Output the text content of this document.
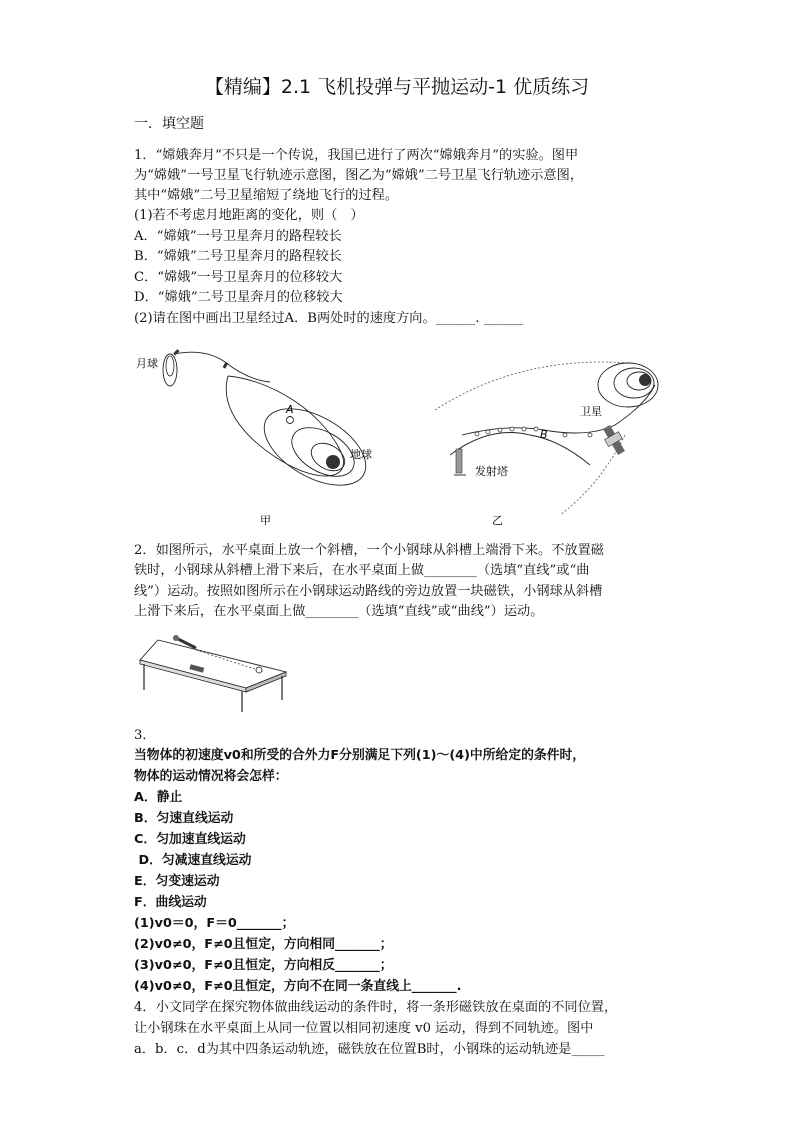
【精编】2.1 飞机投弹与平抛运动-1 优质练习
一．填空题
1．“嫦娥奔月”不只是一个传说，我国已进行了两次“嫦娥奔月”的实验。图甲
为“嫦娥”一号卫星飞行轨迹示意图，图乙为“嫦娥”二号卫星飞行轨迹示意图，
其中“嫦娥”二号卫星缩短了绕地飞行的过程。
(1)若不考虑月地距离的变化，则（　）
A．“嫦娥”一号卫星奔月的路程较长
B．“嫦娥”二号卫星奔月的路程较长
C．“嫦娥”一号卫星奔月的位移较大
D．“嫦娥”二号卫星奔月的位移较大
(2)请在图中画出卫星经过A．B两处时的速度方向。______. ______
月球
A
地球
甲
B
卫星
发射塔
乙
2．如图所示，水平桌面上放一个斜槽，一个小钢球从斜槽上端滑下来。不放置磁
铁时，小钢球从斜槽上滑下来后，在水平桌面上做________（选填“直线”或“曲
线”）运动。按照如图所示在小钢球运动路线的旁边放置一块磁铁，小钢球从斜槽
上滑下来后，在水平桌面上做________（选填“直线”或“曲线”）运动。
3．
当物体的初速度v0和所受的合外力F分别满足下列(1)～(4)中所给定的条件时，
物体的运动情况将会怎样：
A．静止
B．匀速直线运动
C．匀加速直线运动
D．匀减速直线运动
E．匀变速运动
F．曲线运动
(1)v0＝0，F＝0_______；
(2)v0≠0，F≠0且恒定，方向相同_______；
(3)v0≠0，F≠0且恒定，方向相反_______；
(4)v0≠0，F≠0且恒定，方向不在同一条直线上_______.
4．小文同学在探究物体做曲线运动的条件时，将一条形磁铁放在桌面的不同位置，
让小钢珠在水平桌面上从同一位置以相同初速度 v0 运动，得到不同轨迹。图中
a．b．c．d为其中四条运动轨迹，磁铁放在位置B时，小钢珠的运动轨迹是_____
